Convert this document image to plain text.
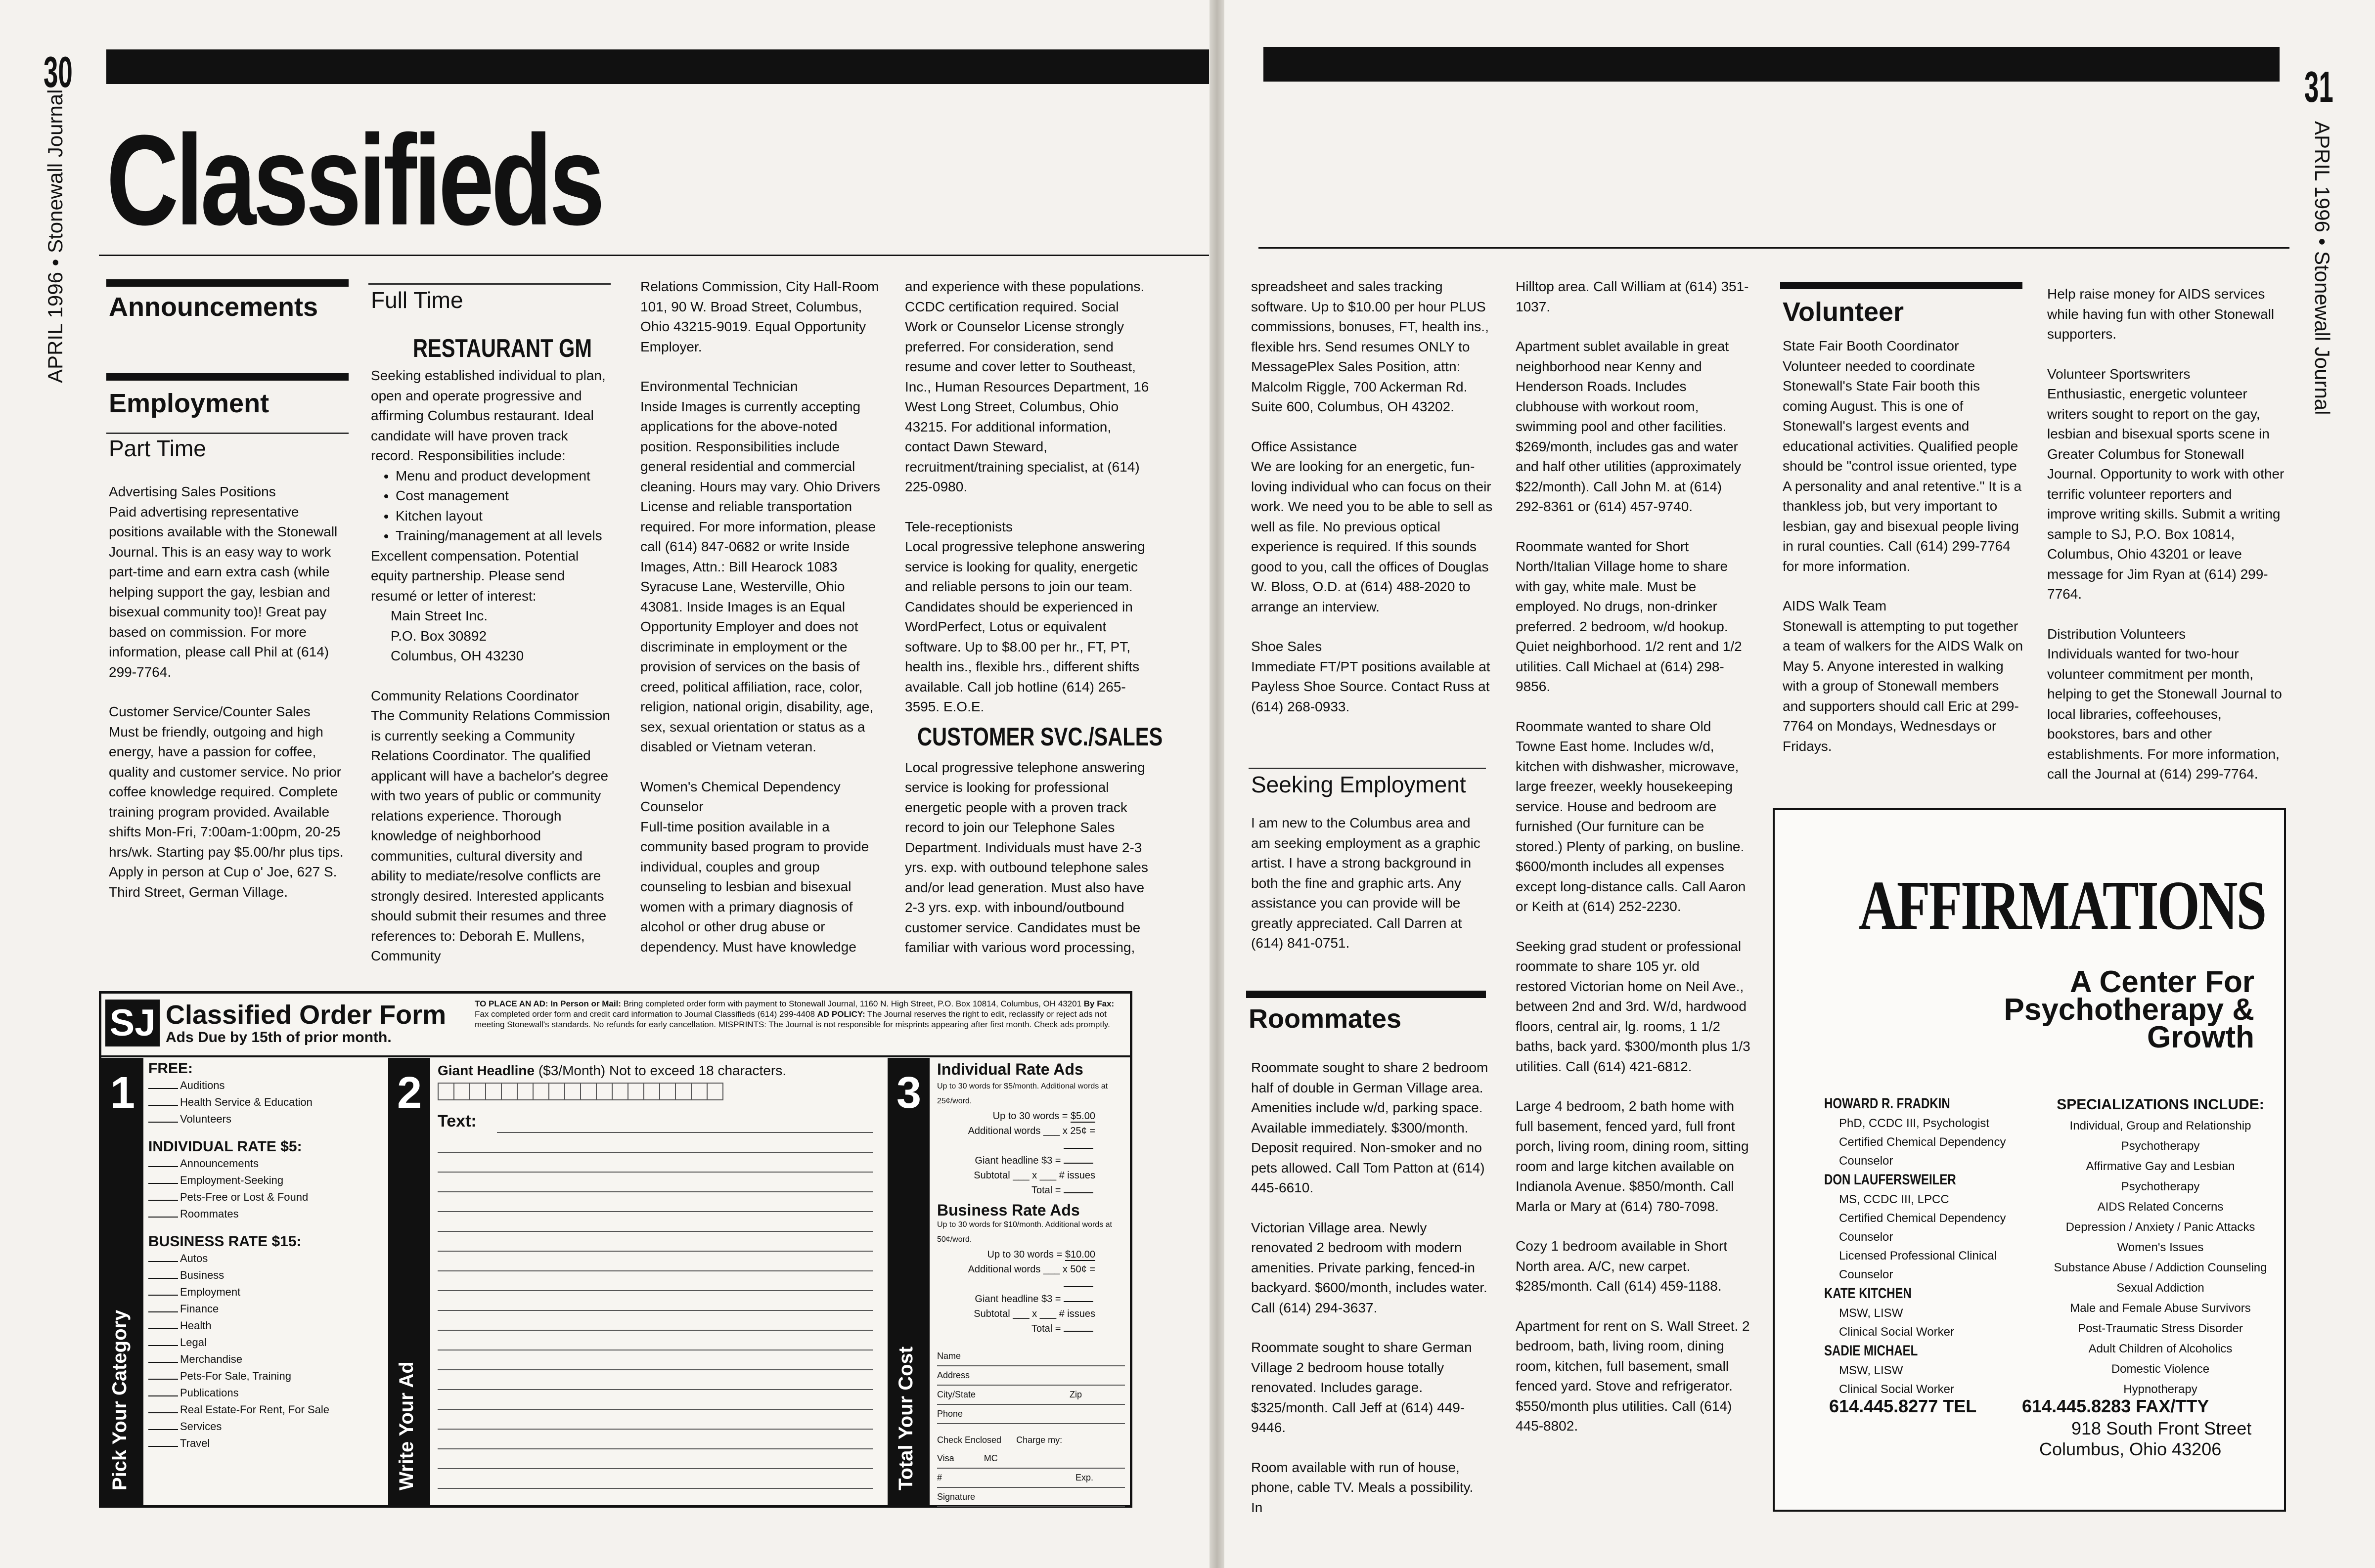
30
APRIL 1996 • Stonewall Journal Classifieds
Announcements
Employment
Part Time

Advertising Sales Positions
Paid advertising representative positions available with the Stonewall Journal. This is an easy way to work part-time and earn extra cash (while helping support the gay, lesbian and bisexual community too)! Great pay based on commission. For more information, please call Phil at (614) 299-7764.

Customer Service/Counter Sales
Must be friendly, outgoing and high energy, have a passion for coffee, quality and customer service. No prior coffee knowledge required. Complete training program provided. Available shifts Mon-Fri, 7:00am-1:00pm, 20-25 hrs/wk. Starting pay $5.00/hr plus tips. Apply in person at Cup o' Joe, 627 S. Third Street, German Village.

Full Time
RESTAURANT GM
Seeking established individual to plan, open and operate progressive and affirming Columbus restaurant. Ideal candidate will have proven track record. Responsibilities include:
• Menu and product development
• Cost management
• Kitchen layout
• Training/management at all levels
Excellent compensation. Potential equity partnership. Please send resumé or letter of interest:
Main Street Inc.
P.O. Box 30892
Columbus, OH 43230

Community Relations Coordinator
The Community Relations Commission is currently seeking a Community Relations Coordinator. The qualified applicant will have a bachelor's degree with two years of public or community relations experience. Thorough knowledge of neighborhood communities, cultural diversity and ability to mediate/resolve conflicts are strongly desired. Interested applicants should submit their resumes and three references to: Deborah E. Mullens, Community

Relations Commission, City Hall-Room 101, 90 W. Broad Street, Columbus, Ohio 43215-9019. Equal Opportunity Employer.

Environmental Technician
Inside Images is currently accepting applications for the above-noted position. Responsibilities include general residential and commercial cleaning. Hours may vary. Ohio Drivers License and reliable transportation required. For more information, please call (614) 847-0682 or write Inside Images, Attn.: Bill Hearock 1083 Syracuse Lane, Westerville, Ohio 43081. Inside Images is an Equal Opportunity Employer and does not discriminate in employment or the provision of services on the basis of creed, political affiliation, race, color, religion, national origin, disability, age, sex, sexual orientation or status as a disabled or Vietnam veteran.

Women's Chemical Dependency Counselor
Full-time position available in a community based program to provide individual, couples and group counseling to lesbian and bisexual women with a primary diagnosis of alcohol or other drug abuse or dependency. Must have knowledge

and experience with these populations. CCDC certification required. Social Work or Counselor License strongly preferred. For consideration, send resume and cover letter to Southeast, Inc., Human Resources Department, 16 West Long Street, Columbus, Ohio 43215. For additional information, contact Dawn Steward, recruitment/training specialist, at (614) 225-0980.

Tele-receptionists
Local progressive telephone answering service is looking for quality, energetic and reliable persons to join our team. Candidates should be experienced in WordPerfect, Lotus or equivalent software. Up to $8.00 per hr., FT, PT, health ins., flexible hrs., different shifts available. Call job hotline (614) 265-3595. E.O.E.

CUSTOMER SVC./SALES

Local progressive telephone answering service is looking for professional energetic people with a proven track record to join our Telephone Sales Department. Individuals must have 2-3 yrs. exp. with outbound telephone sales and/or lead generation. Must also have 2-3 yrs. exp. with inbound/outbound customer service. Candidates must be familiar with various word processing,

SJ Classified Order Form
Ads Due by 15th of prior month.
TO PLACE AN AD: In Person or Mail: Bring completed order form with payment to Stonewall Journal, 1160 N. High Street, P.O. Box 10814, Columbus, OH 43201 By Fax: Fax completed order form and credit card information to Journal Classifieds (614) 299-4408 AD POLICY: The Journal reserves the right to edit, reclassify or reject ads not meeting Stonewall's standards. No refunds for early cancellation. MISPRINTS: The Journal is not responsible for misprints appearing after first month. Check ads promptly.
1
Pick Your Category
FREE:
Auditions
Health Service & Education
Volunteers
INDIVIDUAL RATE $5:
Announcements
Employment-Seeking
Pets-Free or Lost & Found
Roommates
BUSINESS RATE $15:
Autos
Business
Employment
Finance
Health
Legal
Merchandise
Pets-For Sale, Training
Publications
Real Estate-For Rent, For Sale
Services
Travel
2
Write Your Ad
Giant Headline ($3/Month) Not to exceed 18 characters.
Text:
3
Total Your Cost
Individual Rate Ads
Up to 30 words for $5/month. Additional words at 25¢/word.
Up to 30 words = $5.00
Additional words ___ x 25¢ =
Giant headline $3 =
Subtotal ___ x ___ # issues
Total =
Business Rate Ads
Up to 30 words for $10/month. Additional words at 50¢/word.
Up to 30 words = $10.00
Additional words ___ x 50¢ =
Giant headline $3 =
Subtotal ___ x ___ # issues
Total =
Name
Address
City/State	Zip
Phone
Check Enclosed Charge my: Visa	MC
#	Exp.
Signature
31
APRIL 1996 • Stonewall Journal

spreadsheet and sales tracking software. Up to $10.00 per hour PLUS commissions, bonuses, FT, health ins., flexible hrs. Send resumes ONLY to MessagePlex Sales Position, attn: Malcolm Riggle, 700 Ackerman Rd. Suite 600, Columbus, OH 43202.

Office Assistance
We are looking for an energetic, fun-loving individual who can focus on their work. We need you to be able to sell as well as file. No previous optical experience is required. If this sounds good to you, call the offices of Douglas W. Bloss, O.D. at (614) 488-2020 to arrange an interview.

Shoe Sales
Immediate FT/PT positions available at Payless Shoe Source. Contact Russ at (614) 268-0933.

Seeking Employment
I am new to the Columbus area and am seeking employment as a graphic artist. I have a strong background in both the fine and graphic arts. Any assistance you can provide will be greatly appreciated. Call Darren at (614) 841-0751.
Roommates

Roommate sought to share 2 bedroom half of double in German Village area. Amenities include w/d, parking space. Available immediately. $300/month. Deposit required. Non-smoker and no pets allowed. Call Tom Patton at (614) 445-6610.

Victorian Village area. Newly renovated 2 bedroom with modern amenities. Private parking, fenced-in backyard. $600/month, includes water. Call (614) 294-3637.

Roommate sought to share German Village 2 bedroom house totally renovated. Includes garage. $325/month. Call Jeff at (614) 449-9446.

Room available with run of house, phone, cable TV. Meals a possibility. In

Hilltop area. Call William at (614) 351-1037.

Apartment sublet available in great neighborhood near Kenny and Henderson Roads. Includes clubhouse with workout room, swimming pool and other facilities. $269/month, includes gas and water and half other utilities (approximately $22/month). Call John M. at (614) 292-8361 or (614) 457-9740.

Roommate wanted for Short North/Italian Village home to share with gay, white male. Must be employed. No drugs, non-drinker preferred. 2 bedroom, w/d hookup. Quiet neighborhood. 1/2 rent and 1/2 utilities. Call Michael at (614) 298-9856.

Roommate wanted to share Old Towne East home. Includes w/d, kitchen with dishwasher, microwave, large freezer, weekly housekeeping service. House and bedroom are furnished (Our furniture can be stored.) Plenty of parking, on busline. $600/month includes all expenses except long-distance calls. Call Aaron or Keith at (614) 252-2230.

Seeking grad student or professional roommate to share 105 yr. old restored Victorian home on Neil Ave., between 2nd and 3rd. W/d, hardwood floors, central air, lg. rooms, 1 1/2 baths, back yard. $300/month plus 1/3 utilities. Call (614) 421-6812.

Large 4 bedroom, 2 bath home with full basement, fenced yard, full front porch, living room, dining room, sitting room and large kitchen available on Indianola Avenue. $850/month. Call Marla or Mary at (614) 780-7098.

Cozy 1 bedroom available in Short North area. A/C, new carpet. $285/month. Call (614) 459-1188.

Apartment for rent on S. Wall Street. 2 bedroom, bath, living room, dining room, kitchen, full basement, small fenced yard. Stove and refrigerator. $550/month plus utilities. Call (614) 445-8802.

Volunteer

State Fair Booth Coordinator
Volunteer needed to coordinate Stonewall's State Fair booth this coming August. This is one of Stonewall's largest events and educational activities. Qualified people should be "control issue oriented, type A personality and anal retentive." It is a thankless job, but very important to lesbian, gay and bisexual people living in rural counties. Call (614) 299-7764 for more information.

AIDS Walk Team
Stonewall is attempting to put together a team of walkers for the AIDS Walk on May 5. Anyone interested in walking with a group of Stonewall members and supporters should call Eric at 299-7764 on Mondays, Wednesdays or Fridays.

Help raise money for AIDS services while having fun with other Stonewall supporters.

Volunteer Sportswriters
Enthusiastic, energetic volunteer writers sought to report on the gay, lesbian and bisexual sports scene in Greater Columbus for Stonewall Journal. Opportunity to work with other terrific volunteer reporters and improve writing skills. Submit a writing sample to SJ, P.O. Box 10814, Columbus, Ohio 43201 or leave message for Jim Ryan at (614) 299-7764.

Distribution Volunteers
Individuals wanted for two-hour volunteer commitment per month, helping to get the Stonewall Journal to local libraries, coffeehouses, bookstores, bars and other establishments. For more information, call the Journal at (614) 299-7764.

AFFIRMATIONS
A Center For
Psychotherapy &
Growth
HOWARD R. FRADKIN
PhD, CCDC III, Psychologist
Certified Chemical Dependency Counselor
DON LAUFERSWEILER
MS, CCDC III, LPCC
Certified Chemical Dependency Counselor
Licensed Professional Clinical Counselor
KATE KITCHEN
MSW, LISW
Clinical Social Worker
SADIE MICHAEL
MSW, LISW
Clinical Social Worker
SPECIALIZATIONS INCLUDE:
Individual, Group and Relationship Psychotherapy
Affirmative Gay and Lesbian Psychotherapy
AIDS Related Concerns
Depression / Anxiety / Panic Attacks
Women's Issues
Substance Abuse / Addiction Counseling
Sexual Addiction
Male and Female Abuse Survivors
Post-Traumatic Stress Disorder
Adult Children of Alcoholics
Domestic Violence
Hypnotherapy
614.445.8277 TEL	614.445.8283 FAX/TTY
918 South Front Street
Columbus, Ohio 43206
